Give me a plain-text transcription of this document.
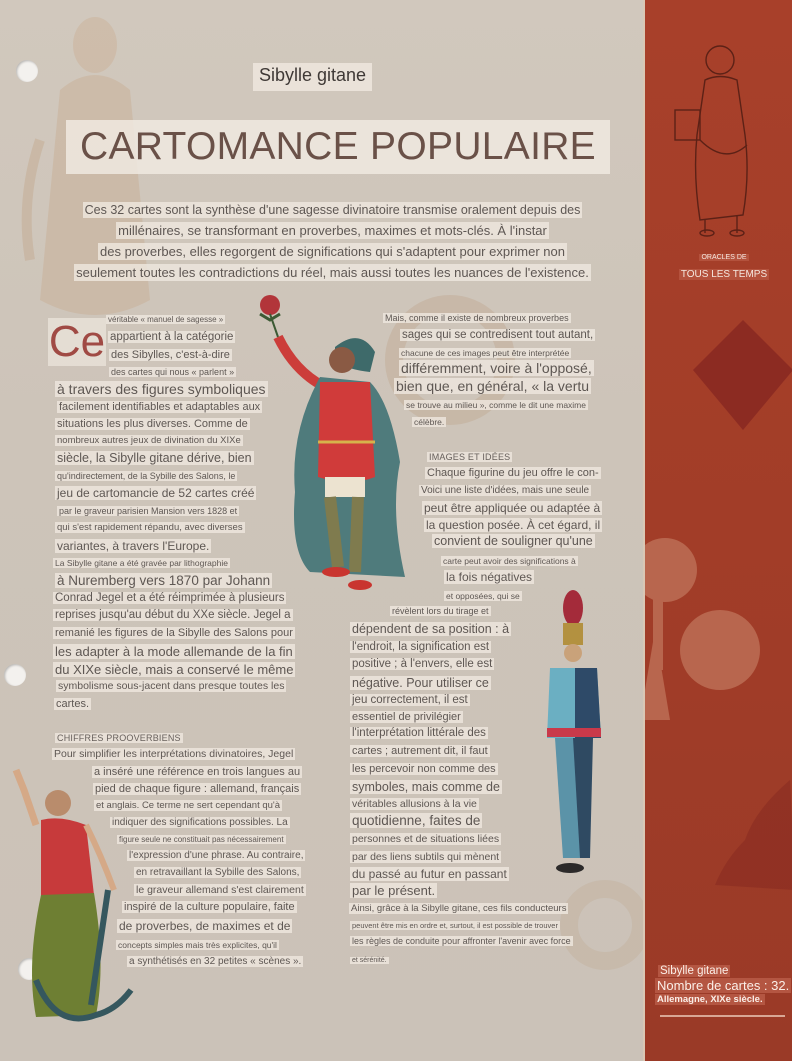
Sibylle gitane
CARTOMANCE POPULAIRE
Ces 32 cartes sont la synthèse d'une sagesse divinatoire transmise oralement depuis des
millénaires, se transformant en proverbes, maximes et mots-clés. À l'instar
des proverbes, elles regorgent de significations qui s'adaptent pour exprimer non
seulement toutes les contradictions du réel, mais aussi toutes les nuances de l'existence.
Ce véritable « manuel de sagesse »
appartient à la catégorie
des Sibylles, c'est-à-dire
des cartes qui nous « parlent »
à travers des figures symboliques
facilement identifiables et adaptables aux
situations les plus diverses. Comme de
nombreux autres jeux de divination du XIXe
siècle, la Sibylle gitane dérive, bien
qu'indirectement, de la Sybille des Salons, le
jeu de cartomancie de 52 cartes créé
par le graveur parisien Mansion vers 1828 et
qui s'est rapidement répandu, avec diverses
variantes, à travers l'Europe.
La Sibylle gitane a été gravée par lithographie
à Nuremberg vers 1870 par Johann
Conrad Jegel et a été réimprimée à plusieurs
reprises jusqu'au début du XXe siècle. Jegel a
remanié les figures de la Sibylle des Salons pour
les adapter à la mode allemande de la fin
du XIXe siècle, mais a conservé le même
symbolisme sous-jacent dans presque toutes les
cartes.
CHIFFRES PROOVERBIENS
Pour simplifier les interprétations divinatoires, Jegel
a inséré une référence en trois langues au
pied de chaque figure : allemand, français
et anglais. Ce terme ne sert cependant qu'à
indiquer des significations possibles. La
figure seule ne constituait pas nécessairement
l'expression d'une phrase. Au contraire,
en retravaillant la Sybille des Salons,
le graveur allemand s'est clairement
inspiré de la culture populaire, faite
de proverbes, de maximes et de
concepts simples mais très explicites, qu'il
a synthétisés en 32 petites « scènes ».
Mais, comme il existe de nombreux proverbes
sages qui se contredisent tout autant,
chacune de ces images peut être interprétée
différemment, voire à l'opposé,
bien que, en général, « la vertu
se trouve au milieu », comme le dit une maxime
célèbre.
IMAGES ET IDÉES
Chaque figurine du jeu offre le con-
Voici une liste d'idées, mais une seule
peut être appliquée ou adaptée à
la question posée. À cet égard, il
convient de souligner qu'une
carte peut avoir des significations à
la fois négatives
et opposées, qui se
révèlent lors du tirage et
dépendent de sa position : à
l'endroit, la signification est
positive ; à l'envers, elle est
négative. Pour utiliser ce
jeu correctement, il est
essentiel de privilégier
l'interprétation littérale des
cartes ; autrement dit, il faut
les percevoir non comme des
symboles, mais comme de
véritables allusions à la vie
quotidienne, faites de
personnes et de situations liées
par des liens subtils qui mènent
du passé au futur en passant
par le présent.
Ainsi, grâce à la Sibylle gitane, ces fils conducteurs
peuvent être mis en ordre et, surtout, il est possible de trouver
les règles de conduite pour affronter l'avenir avec force
et sérénité.
ORACLES DE
TOUS LES TEMPS
Sibylle gitane
Nombre de cartes : 32.
Allemagne, XIXe siècle.
